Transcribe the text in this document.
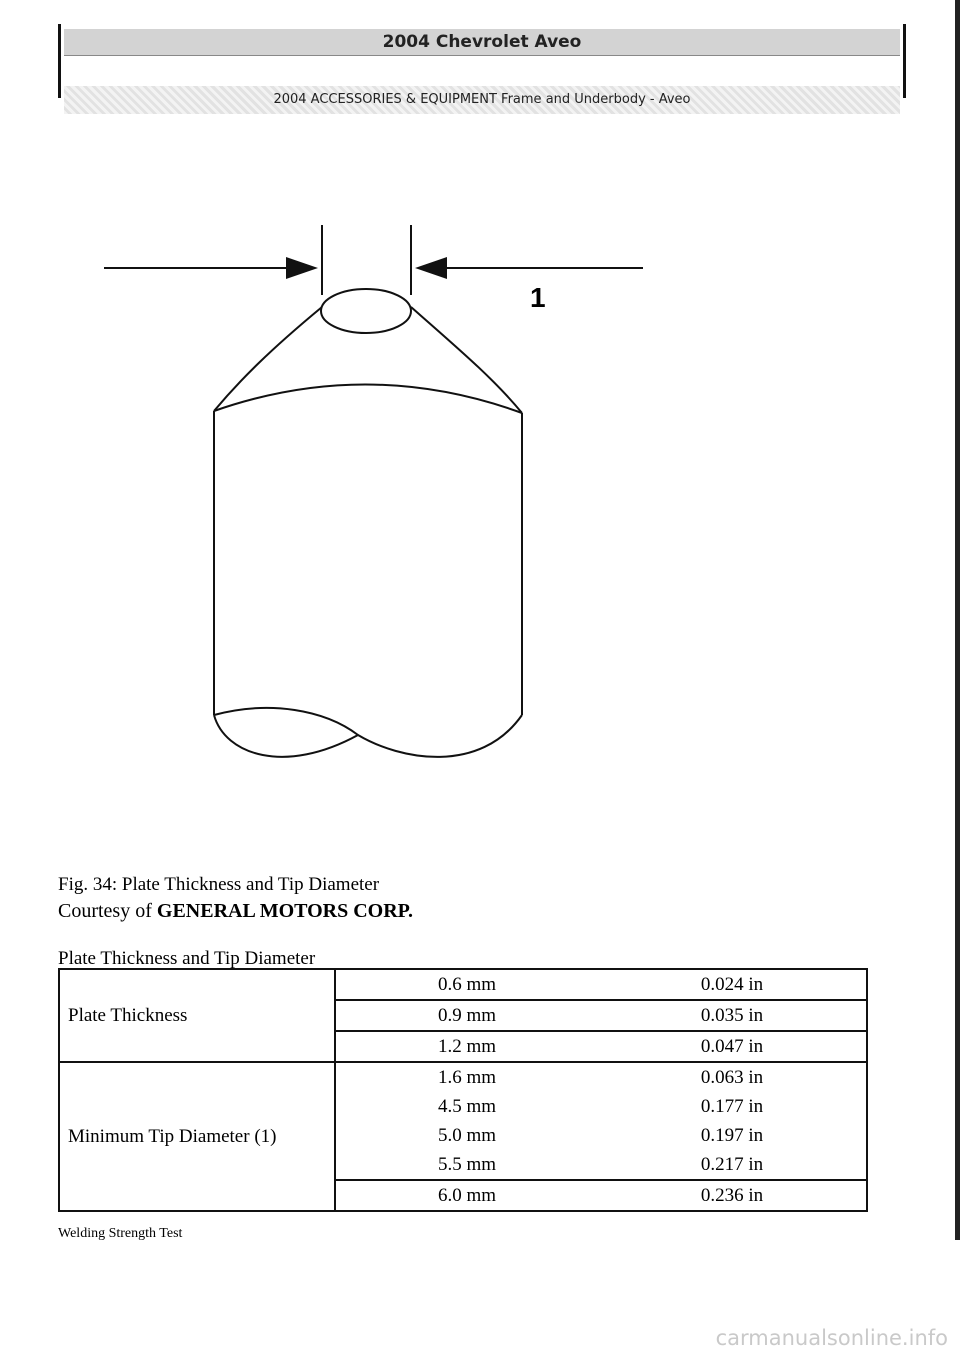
2004 Chevrolet Aveo
2004 ACCESSORIES & EQUIPMENT Frame and Underbody - Aveo
1
Fig. 34: Plate Thickness and Tip Diameter
Courtesy of GENERAL MOTORS CORP.
Plate Thickness and Tip Diameter
Plate Thickness	0.6 mm	0.024 in
	0.9 mm	0.035 in
	1.2 mm	0.047 in
Minimum Tip Diameter (1)	1.6 mm	0.063 in
	4.5 mm	0.177 in
	5.0 mm	0.197 in
	5.5 mm	0.217 in
	6.0 mm	0.236 in
Welding Strength Test
carmanualsonline.info
